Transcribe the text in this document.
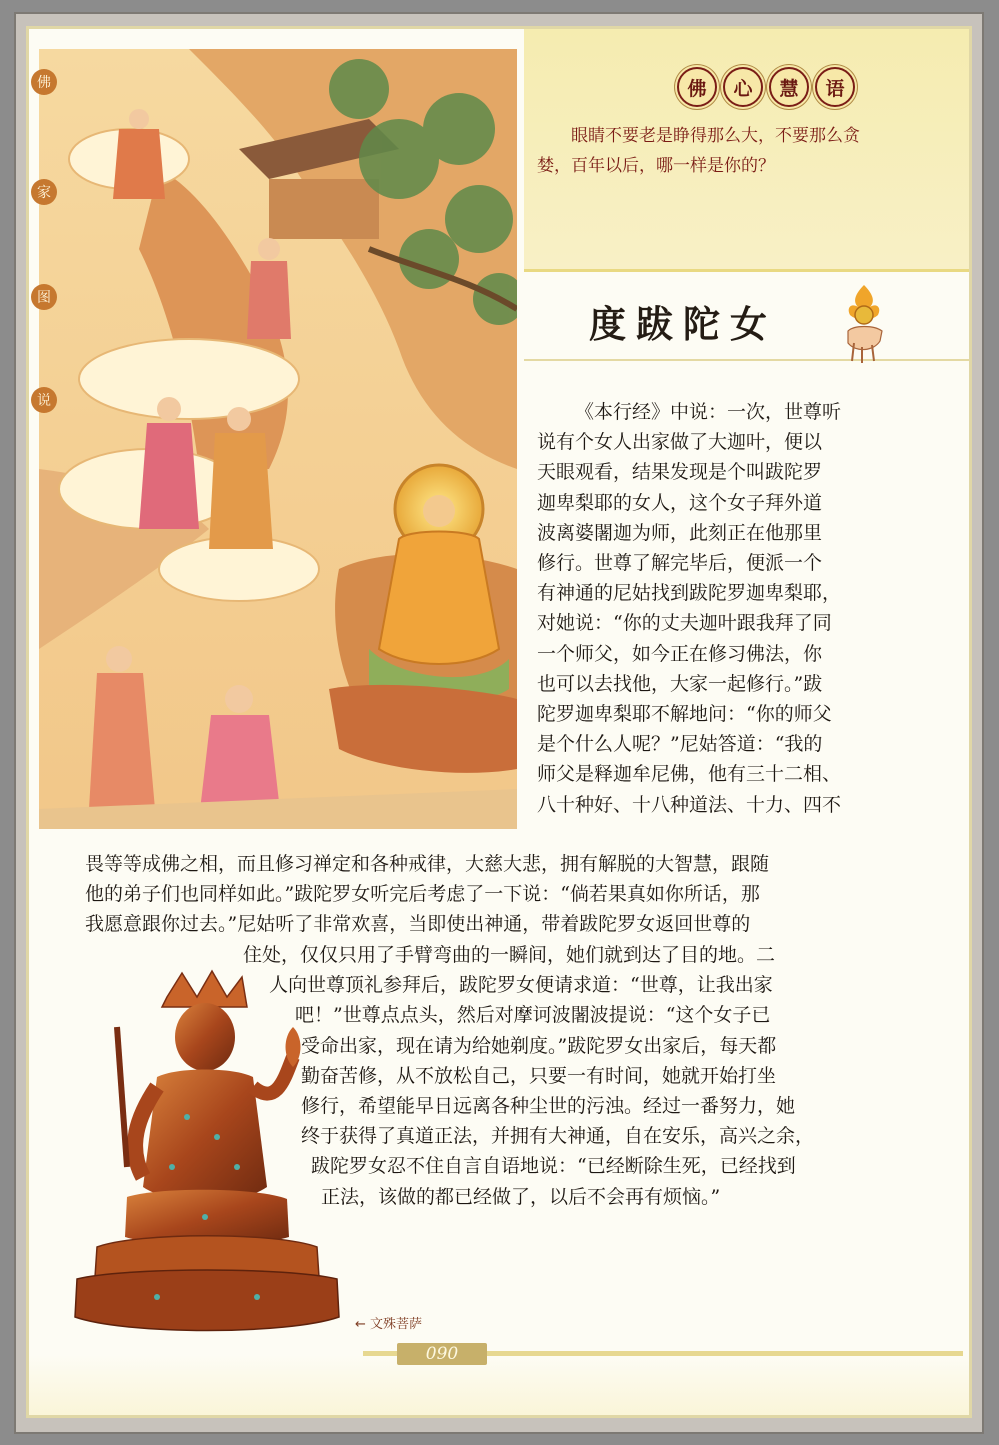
佛	心	慧	语
眼睛不要老是睁得那么大，不要那么贪婪，百年以后，哪一样是你的？
度跋陀女
佛
家
图
说	《本行经》中说：一次，世尊听

说有个女人出家做了大迦叶，便以

天眼观看，结果发现是个叫跋陀罗

迦卑梨耶的女人，这个女子拜外道

波离婆闍迦为师，此刻正在他那里

修行。世尊了解完毕后，便派一个

有神通的尼姑找到跋陀罗迦卑梨耶，

对她说：“你的丈夫迦叶跟我拜了同

一个师父，如今正在修习佛法，你

也可以去找他，大家一起修行。”跋

陀罗迦卑梨耶不解地问：“你的师父

是个什么人呢？”尼姑答道：“我的

师父是释迦牟尼佛，他有三十二相、

八十种好、十八种道法、十力、四不

畏等等成佛之相，而且修习禅定和各种戒律，大慈大悲，拥有解脱的大智慧，跟随

他的弟子们也同样如此。”跋陀罗女听完后考虑了一下说：“倘若果真如你所话，那

我愿意跟你过去。”尼姑听了非常欢喜，当即使出神通，带着跋陀罗女返回世尊的

住处，仅仅只用了手臂弯曲的一瞬间，她们就到达了目的地。二

人向世尊顶礼参拜后，跋陀罗女便请求道：“世尊，让我出家

吧！”世尊点点头，然后对摩诃波闍波提说：“这个女子已

受命出家，现在请为给她剃度。”跋陀罗女出家后，每天都

勤奋苦修，从不放松自己，只要一有时间，她就开始打坐

修行，希望能早日远离各种尘世的污浊。经过一番努力，她

终于获得了真道正法，并拥有大神通，自在安乐，高兴之余，

跋陀罗女忍不住自言自语地说：“已经断除生死，已经找到

正法，该做的都已经做了，以后不会再有烦恼。”

← 文殊菩萨
090
